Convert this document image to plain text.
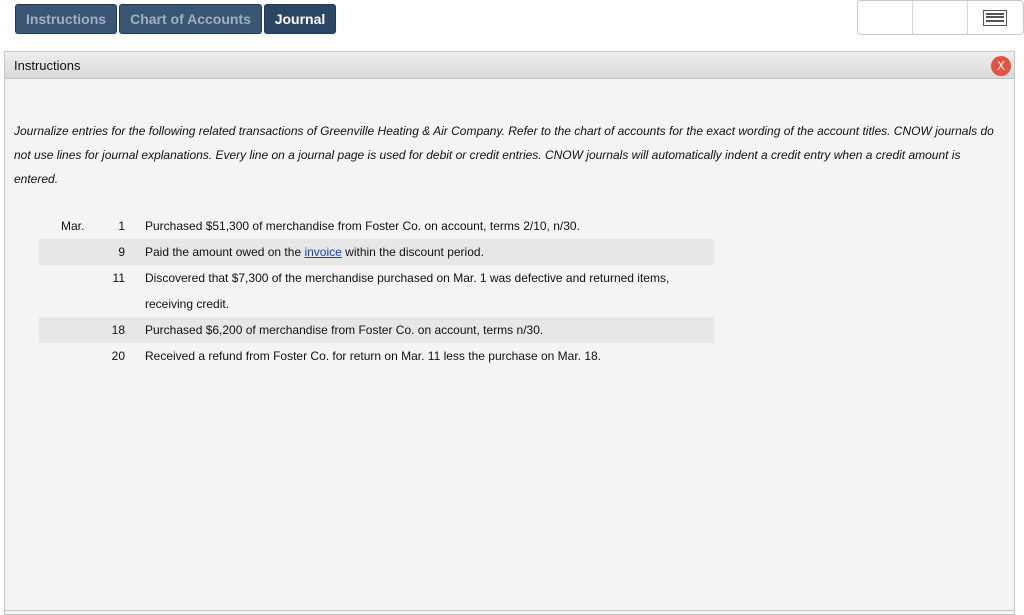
Instructions	Chart of Accounts	Journal
Instructions	X

Journalize entries for the following related transactions of Greenville Heating & Air Company. Refer to the chart of accounts for the exact wording of the account titles. CNOW journals do not use lines for journal explanations. Every line on a journal page is used for debit or credit entries. CNOW journals will automatically indent a credit entry when a credit amount is entered.

Mar.	1	Purchased $51,300 of merchandise from Foster Co. on account, terms 2/10, n/30.
	9	Paid the amount owed on the invoice within the discount period.
	11	Discovered that $7,300 of the merchandise purchased on Mar. 1 was defective and returned items,
receiving credit.

	18	Purchased $6,200 of merchandise from Foster Co. on account, terms n/30.
	20	Received a refund from Foster Co. for return on Mar. 11 less the purchase on Mar. 18.
